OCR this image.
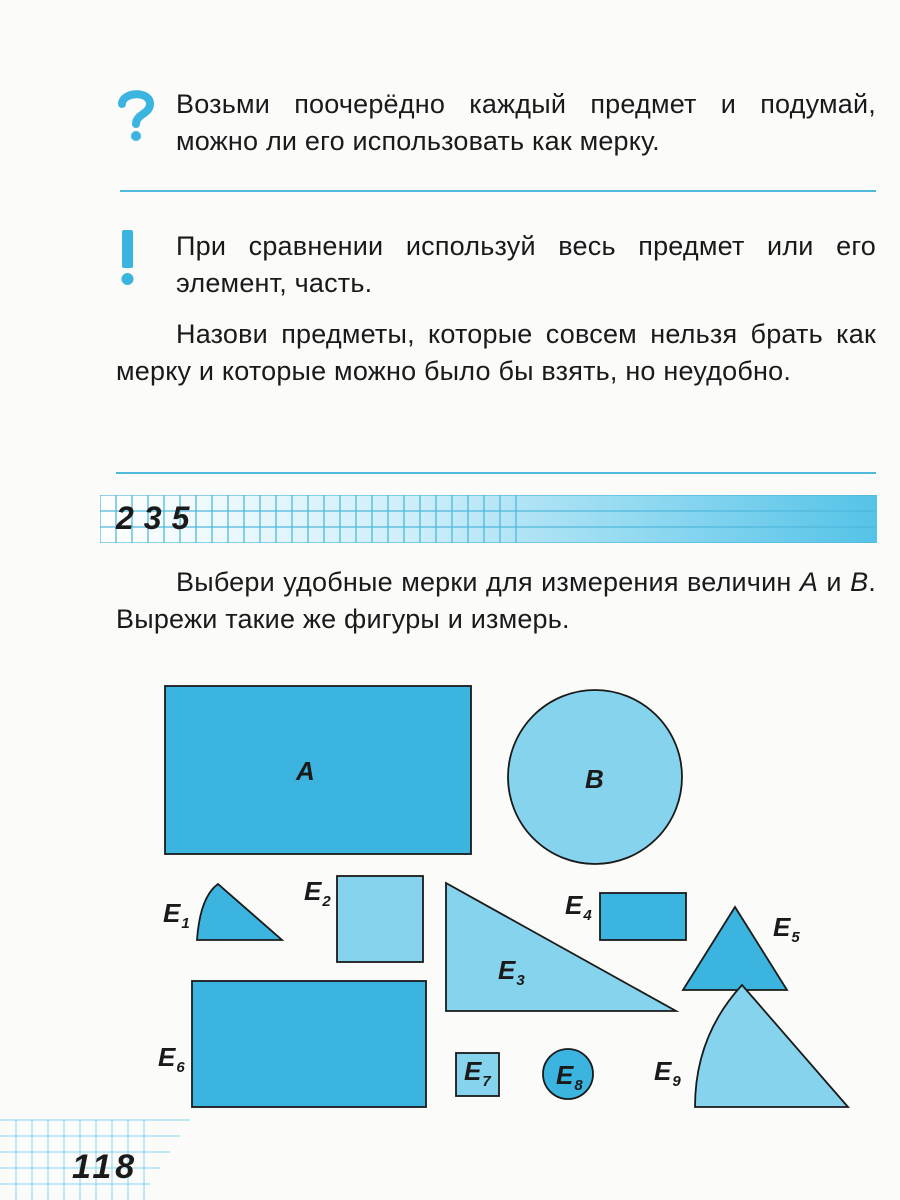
Возьми поочерёдно каждый предмет и подумай, можно ли его использовать как мерку.
При сравнении используй весь предмет или его элемент, часть.
Назови предметы, которые совсем нельзя брать как мерку и которые можно было бы взять, но неудобно.
235
Выбери удобные мерки для измерения величин A и B. Вырежи такие же фигуры и измерь.
A	B
$E_1$
$E_2$
$E_3$
$E_4$	$E_5$
$E_6$	$E_7$	$E_8$	$E_9$
118
